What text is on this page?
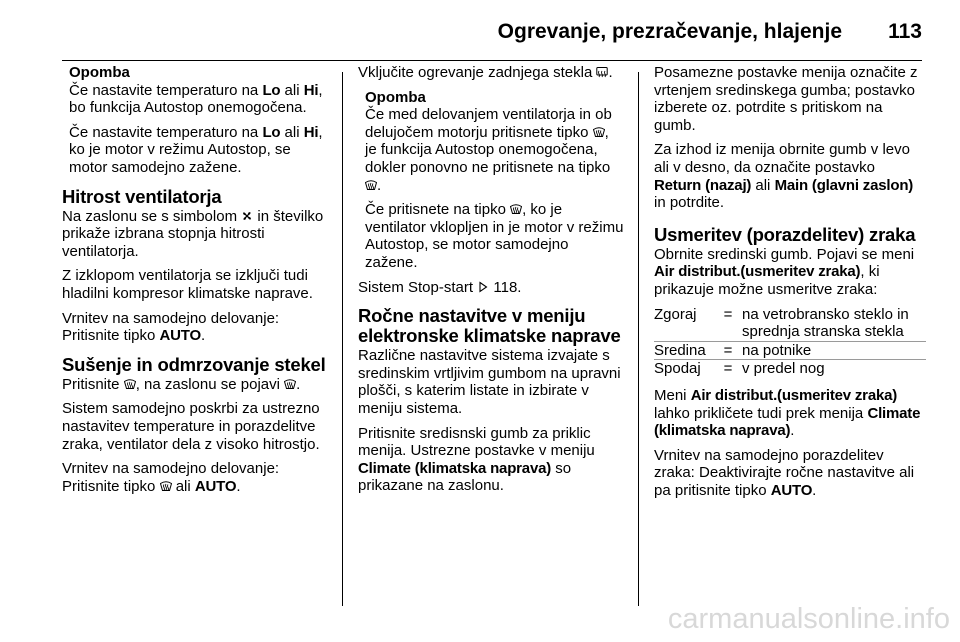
Ogrevanje, prezračevanje, hlajenje 113
Opomba

Če nastavite temperaturo na Lo ali Hi, bo funkcija Autostop onemogočena.

Če nastavite temperaturo na Lo ali Hi, ko je motor v režimu Autostop, se motor samodejno zažene.

Hitrost ventilatorja

Na zaslonu se s simbolom  in številko prikaže izbrana stopnja hitrosti ventilatorja.

Z izklopom ventilatorja se izključi tudi hladilni kompresor klimatske naprave.

Vrnitev na samodejno delovanje: Pritisnite tipko AUTO.

Sušenje in odmrzovanje stekel

Pritisnite , na zaslonu se pojavi .

Sistem samodejno poskrbi za ustrezno nastavitev temperature in porazdelitve zraka, ventilator dela z visoko hitrostjo.

Vrnitev na samodejno delovanje: Pritisnite tipko  ali AUTO.

Vključite ogrevanje zadnjega stekla .

Opomba

Če med delovanjem ventilatorja in ob delujočem motorju pritisnete tipko , je funkcija Autostop onemogočena, dokler ponovno ne pritisnete na tipko .

Če pritisnete na tipko , ko je ventilator vklopljen in je motor v režimu Autostop, se motor samodejno zaženе.

Sistem Stop-start  118.

Ročne nastavitve v meniju elektronske klimatske naprave

Različne nastavitve sistema izvajate s sredinskim vrtljivim gumbom na upravni plošči, s katerim listate in izbirate v meniju sistema.

Pritisnite sredisnski gumb za priklic menija. Ustrezne postavke v meniju Climate (klimatska naprava) so prikazane na zaslonu.

Posamezne postavke menija označite z vrtenjem sredinskega gumba; postavko izberete oz. potrdite s pritiskom na gumb.

Za izhod iz menija obrnite gumb v levo ali v desno, da označite postavko Return (nazaj) ali Main (glavni zaslon) in potrdite.

Usmeritev (porazdelitev) zraka

Obrnite sredinski gumb. Pojavi se meni Air distribut.(usmeritev zraka), ki prikazuje možne usmeritve zraka:

Zgoraj	=	na vetrobransko steklo in sprednja stranska stekla
Sredina	=	na potnike
Spodaj	=	v predel nog

Meni Air distribut.(usmeritev zraka) lahko prikličete tudi prek menija Climate (klimatska naprava).

Vrnitev na samodejno porazdelitev zraka: Deaktivirajte ročne nastavitve ali pa pritisnite tipko AUTO.

carmanualsonline.info
